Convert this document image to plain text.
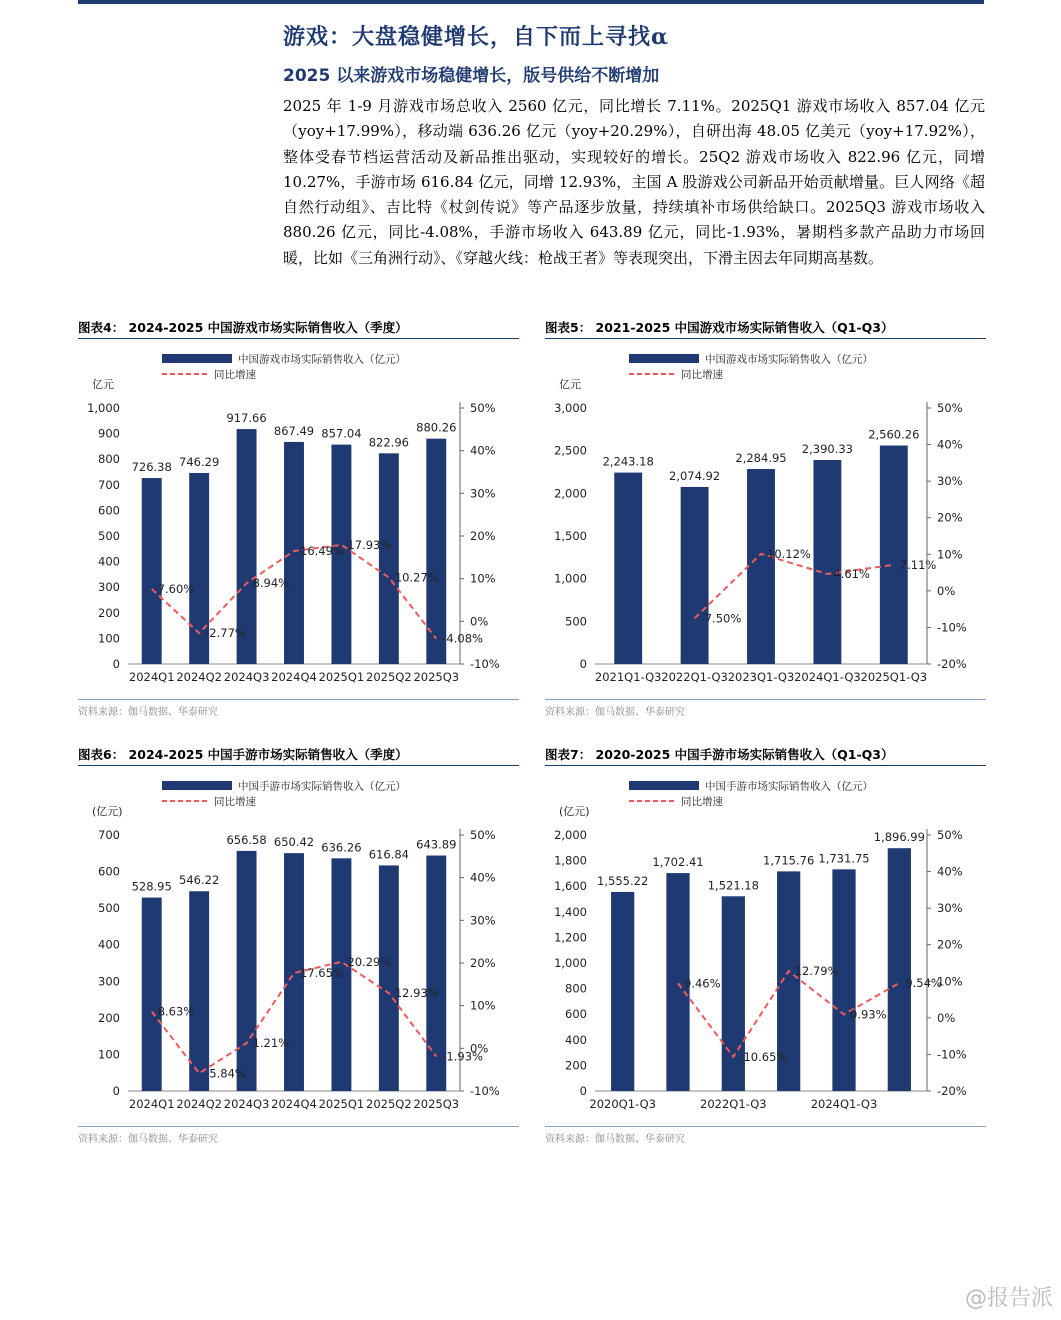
游戏：大盘稳健增长，自下而上寻找α
2025 以来游戏市场稳健增长，版号供给不断增加
2025 年 1-9 月游戏市场总收入 2560 亿元，同比增长 7.11%。2025Q1 游戏市场收入 857.04 亿元（yoy+17.99%），移动端 636.26 亿元（yoy+20.29%），自研出海 48.05 亿美元（yoy+17.92%），整体受春节档运营活动及新品推出驱动，实现较好的增长。25Q2 游戏市场收入 822.96 亿元，同增 10.27%，手游市场 616.84 亿元，同增 12.93%，主国 A 股游戏公司新品开始贡献增量。巨人网络《超自然行动组》、吉比特《杖剑传说》等产品逐步放量，持续填补市场供给缺口。2025Q3 游戏市场收入 880.26 亿元，同比-4.08%，手游市场收入 643.89 亿元，同比-1.93%，暑期档多款产品助力市场回暖，比如《三角洲行动》、《穿越火线：枪战王者》等表现突出，下滑主因去年同期高基数。
图表4： 2024-2025 中国游戏市场实际销售收入（季度）
中国游戏市场实际销售收入（亿元）
同比增速
亿元
0
100
200
300
400
500
600
700
800
900
1,000
-10%
0%
10%
20%
30%
40%
50%
726.38
2024Q1
746.29
2024Q2
917.66
2024Q3
867.49
2024Q4
857.04
2025Q1
822.96
2025Q2
880.26
2025Q3
7.60%
-2.77%
8.94%
16.49% 17.93%
10.27%
-4.08%
资料来源：伽马数据、华泰研究
图表5： 2021-2025 中国游戏市场实际销售收入（Q1-Q3）
中国游戏市场实际销售收入（亿元）
同比增速
亿元
0
500
1,000
1,500
2,000
2,500
3,000
-20%
-10%
0%
10%
20%
30%
40%
50%
2,243.18
2021Q1-Q3
2,074.92
2022Q1-Q3
2,284.95
2023Q1-Q3
2,390.33
2024Q1-Q3
2,560.26
2025Q1-Q3
-7.50%
10.12%
4.61%
7.11%
资料来源：伽马数据、华泰研究
图表6： 2024-2025 中国手游市场实际销售收入（季度）
中国手游市场实际销售收入（亿元）
同比增速
(亿元)
0
100
200
300
400
500
600
700
-10%
0%
10%
20%
30%
40%
50%
528.95
2024Q1
546.22
2024Q2
656.58
2024Q3
650.42
2024Q4
636.26
2025Q1
616.84
2025Q2
643.89
2025Q3
8.63%
-5.84%
1.21%
17.65%
20.29%
12.93%
-1.93%
资料来源：伽马数据、华泰研究
图表7： 2020-2025 中国手游市场实际销售收入（Q1-Q3）
中国手游市场实际销售收入（亿元）
同比增速
(亿元)
0
200
400
600
800
1,000
1,200
1,400
1,600
1,800
2,000
-20%
-10%
0%
10%
20%
30%
40%
50%
1,555.22
2020Q1-Q3
1,702.41
1,521.18
2022Q1-Q3
1,715.76 1,731.75
2024Q1-Q3
1,896.99
9.46%
-10.65%
12.79%
0.93%
9.54%
资料来源：伽马数据、华泰研究
@报告派
